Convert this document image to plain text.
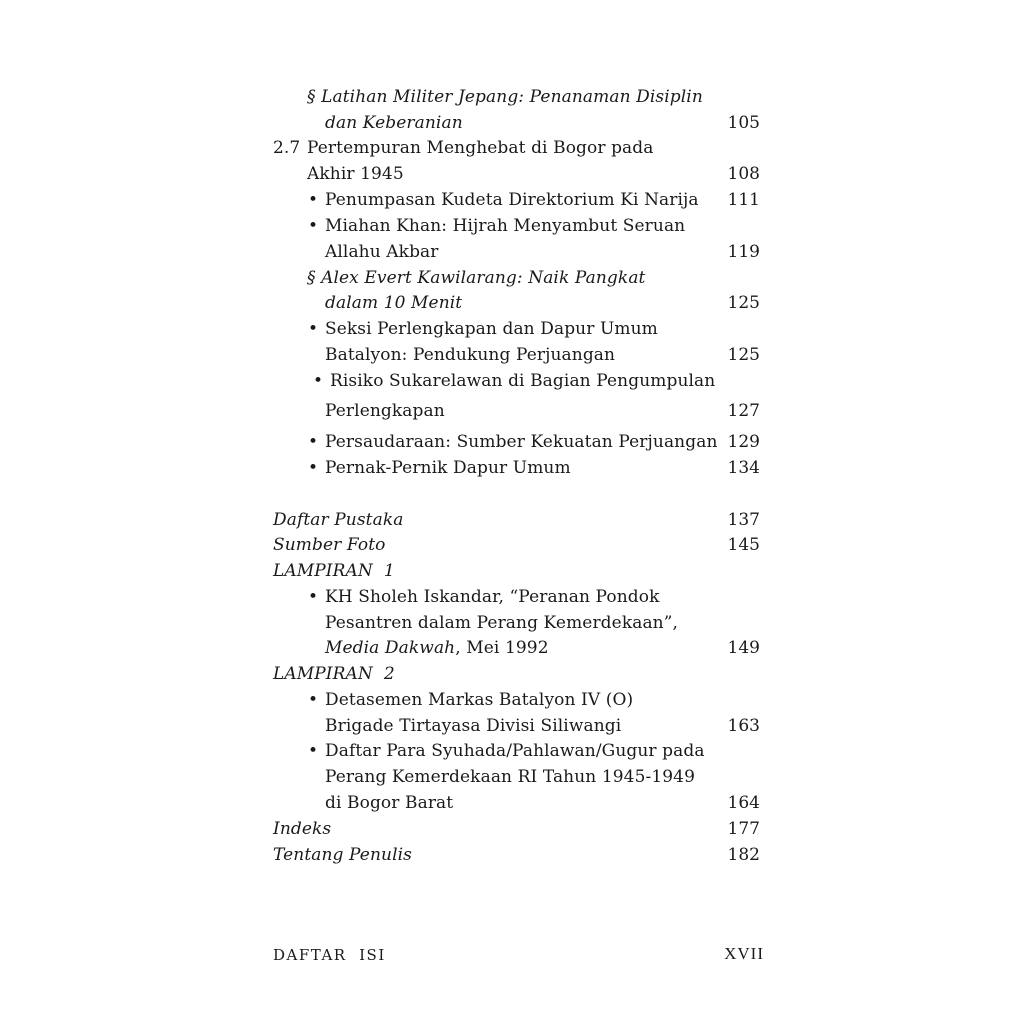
§ Latihan Militer Jepang: Penanaman Disiplin
dan Keberanian	105
2.7 Pertempuran Menghebat di Bogor pada
Akhir 1945	108
• Penumpasan Kudeta Direktorium Ki Narija	111
• Miahan Khan: Hijrah Menyambut Seruan
Allahu Akbar	119
§ Alex Evert Kawilarang: Naik Pangkat
dalam 10 Menit	125
• Seksi Perlengkapan dan Dapur Umum
Batalyon: Pendukung Perjuangan	125
• Risiko Sukarelawan di Bagian Pengumpulan
Perlengkapan	127
• Persaudaraan: Sumber Kekuatan Perjuangan 129
• Pernak-Pernik Dapur Umum	134
Daftar Pustaka	137
Sumber Foto	145
LAMPIRAN  1
• KH Sholeh Iskandar, “Peranan Pondok
Pesantren dalam Perang Kemerdekaan”,
Media Dakwah, Mei 1992	149
LAMPIRAN  2
• Detasemen Markas Batalyon IV (O)
Brigade Tirtayasa Divisi Siliwangi	163
• Daftar Para Syuhada/Pahlawan/Gugur pada
Perang Kemerdekaan RI Tahun 1945-1949
di Bogor Barat	164
Indeks	177
Tentang Penulis	182
DAFTAR  ISI	XVII
